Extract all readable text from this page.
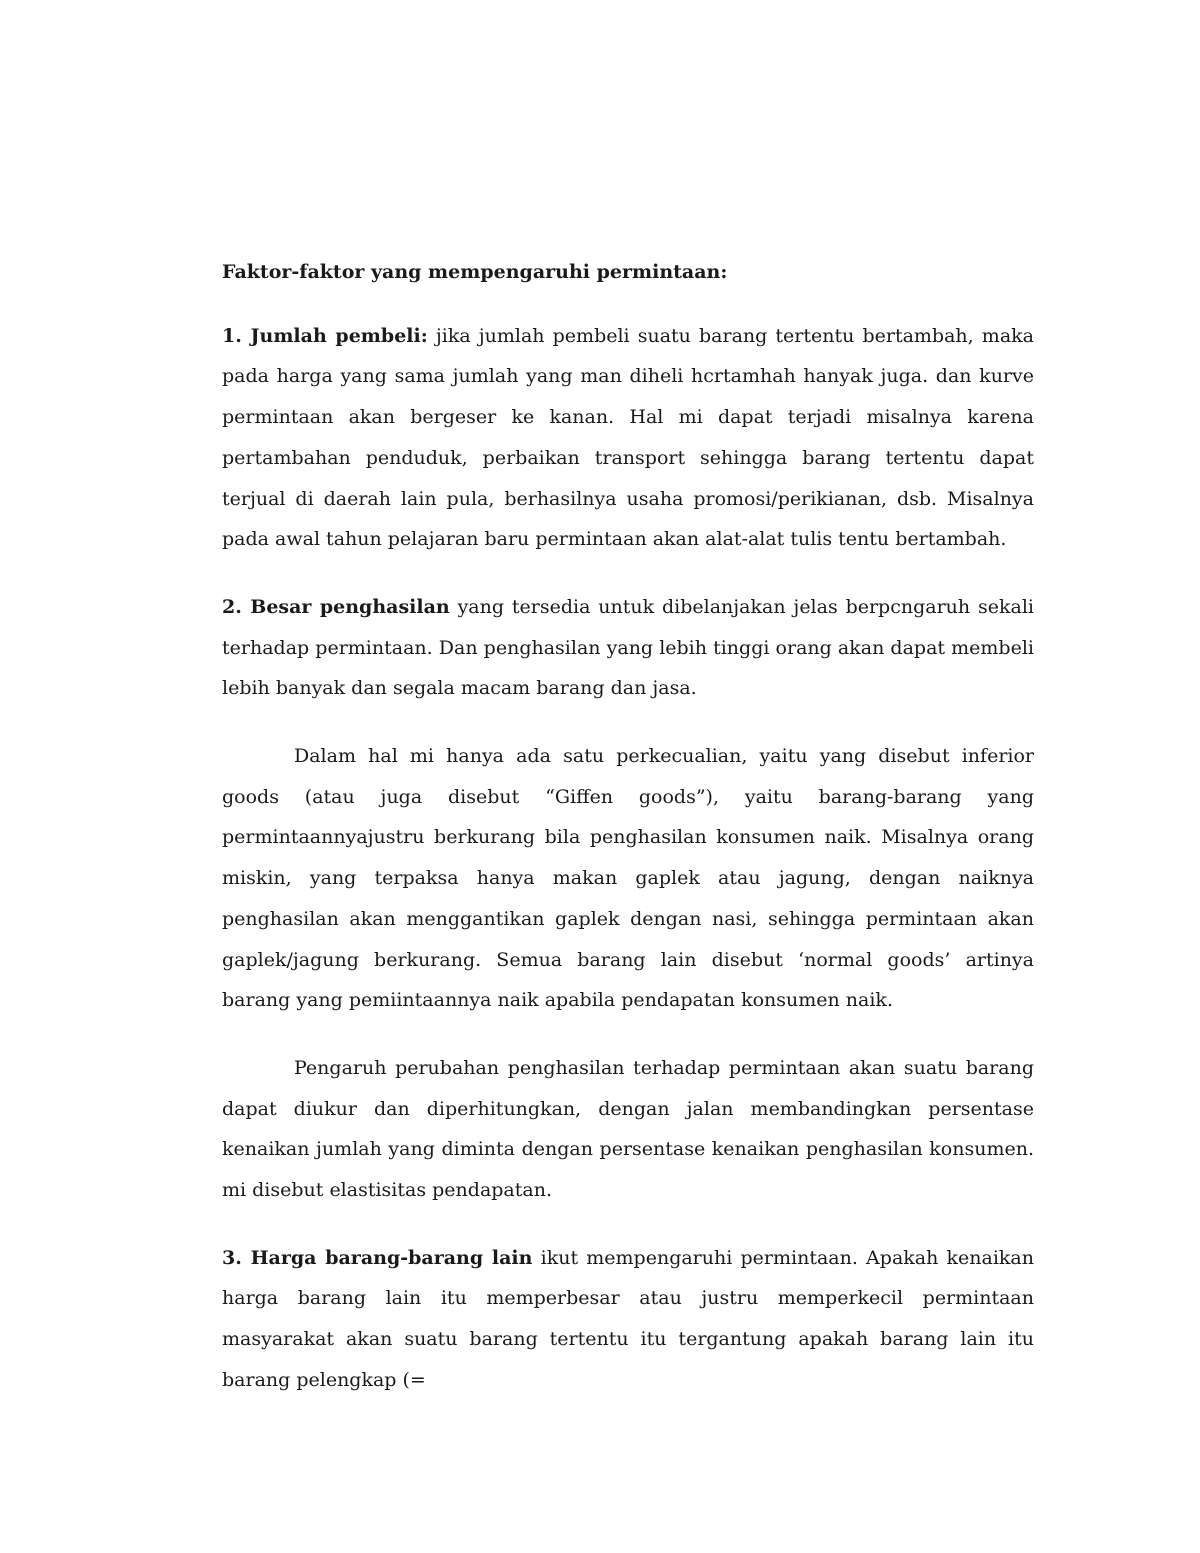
Faktor-faktor yang mempengaruhi permintaan:

1. Jumlah pembeli: jika jumlah pembeli suatu barang tertentu bertambah, maka pada harga yang sama jumlah yang man diheli hcrtamhah hanyak juga. dan kurve permintaan akan bergeser ke kanan. Hal mi dapat terjadi misalnya karena pertambahan penduduk, perbaikan transport sehingga barang tertentu dapat terjual di daerah lain pula, berhasilnya usaha promosi/perikianan, dsb. Misalnya pada awal tahun pelajaran baru permintaan akan alat-alat tulis tentu bertambah.

2. Besar penghasilan yang tersedia untuk dibelanjakan jelas berpcngaruh sekali terhadap permintaan. Dan penghasilan yang lebih tinggi orang akan dapat membeli lebih banyak dan segala macam barang dan jasa.

Dalam hal mi hanya ada satu perkecualian, yaitu yang disebut inferior goods (atau juga disebut “Giffen goods”), yaitu barang-barang yang permintaannyajustru berkurang bila penghasilan konsumen naik. Misalnya orang miskin, yang terpaksa hanya makan gaplek atau jagung, dengan naiknya penghasilan akan menggantikan gaplek dengan nasi, sehingga permintaan akan gaplek/jagung berkurang. Semua barang lain disebut ‘normal goods’ artinya barang yang pemiintaannya naik apabila pendapatan konsumen naik.

Pengaruh perubahan penghasilan terhadap permintaan akan suatu barang dapat diukur dan diperhitungkan, dengan jalan membandingkan persentase kenaikan jumlah yang diminta dengan persentase kenaikan penghasilan konsumen. mi disebut elastisitas pendapatan.

3. Harga barang-barang lain ikut mempengaruhi permintaan. Apakah kenaikan harga barang lain itu memperbesar atau justru memperkecil permintaan masyarakat akan suatu barang tertentu itu tergantung apakah barang lain itu barang pelengkap (=
